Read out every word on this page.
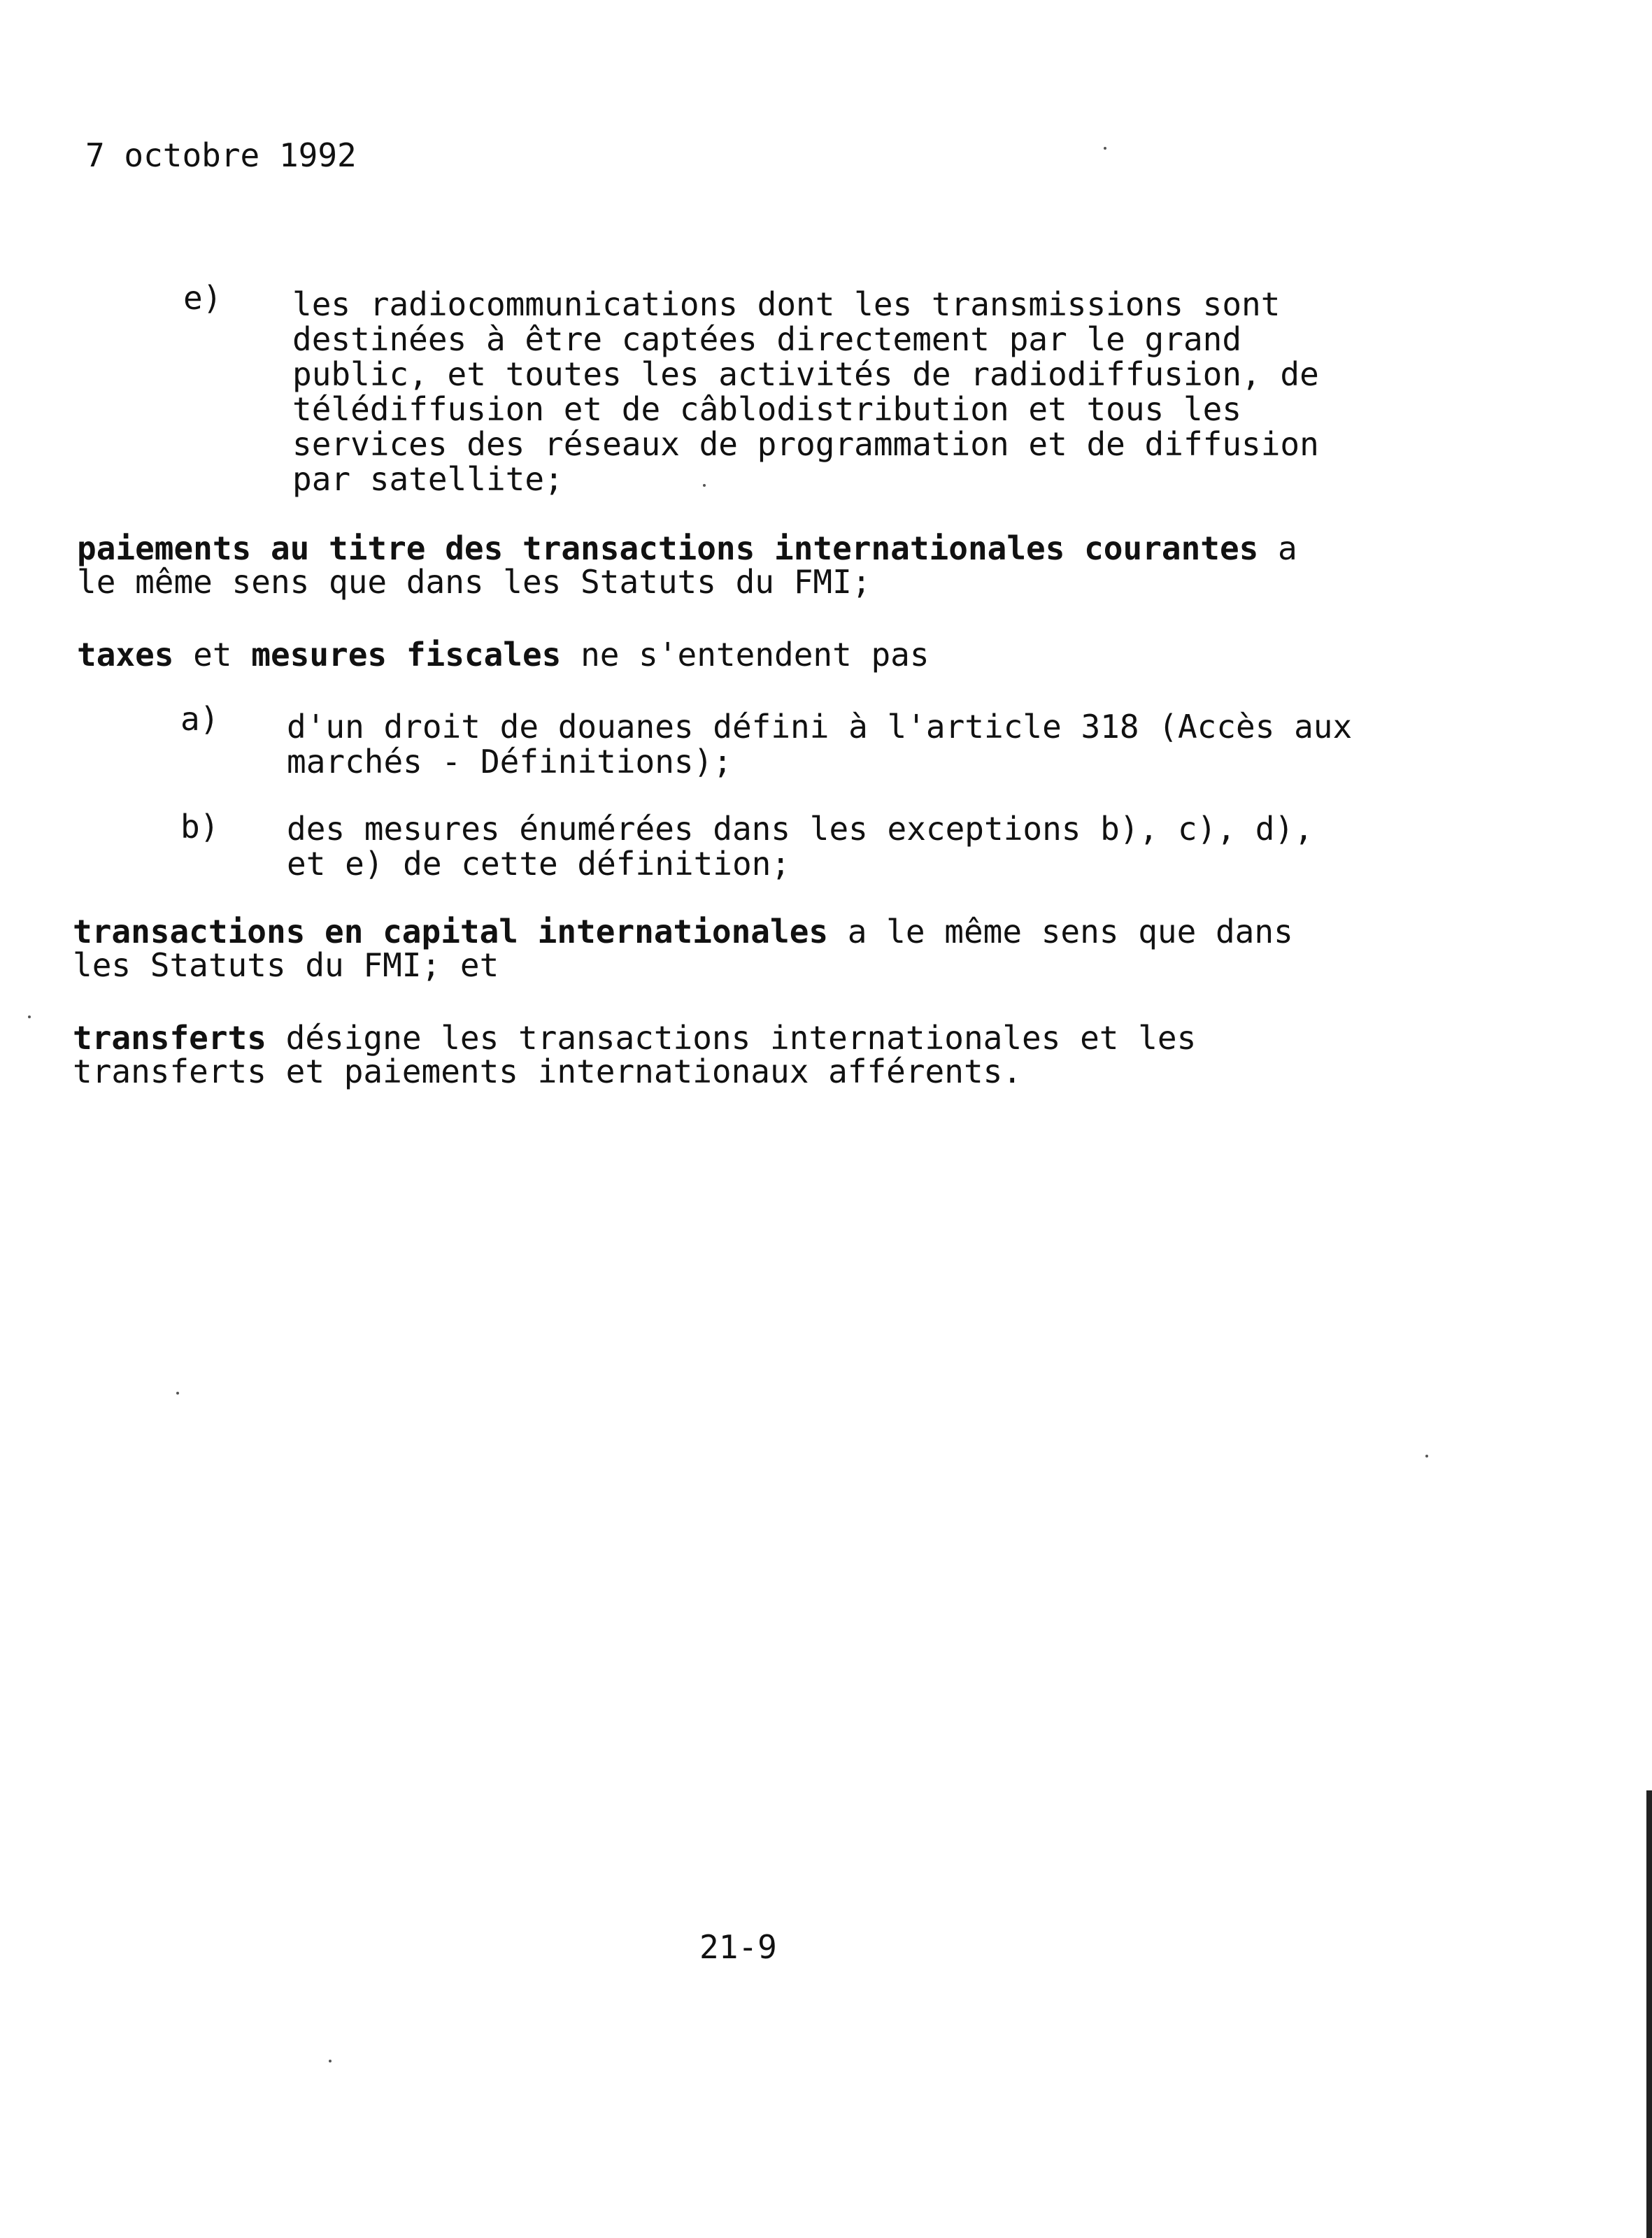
7 octobre 1992
e) les radiocommunications dont les transmissions sont
destinées à être captées directement par le grand
public, et toutes les activités de radiodiffusion, de
télédiffusion et de câblodistribution et tous les
services des réseaux de programmation et de diffusion
par satellite;
paiements au titre des transactions internationales courantes a
le même sens que dans les Statuts du FMI;
taxes et mesures fiscales ne s'entendent pas
a) d'un droit de douanes défini à l'article 318 (Accès aux
marchés - Définitions);
b) des mesures énumérées dans les exceptions b), c), d),
et e) de cette définition;
transactions en capital internationales a le même sens que dans
les Statuts du FMI; et
transferts désigne les transactions internationales et les
transferts et paiements internationaux afférents.
21-9
